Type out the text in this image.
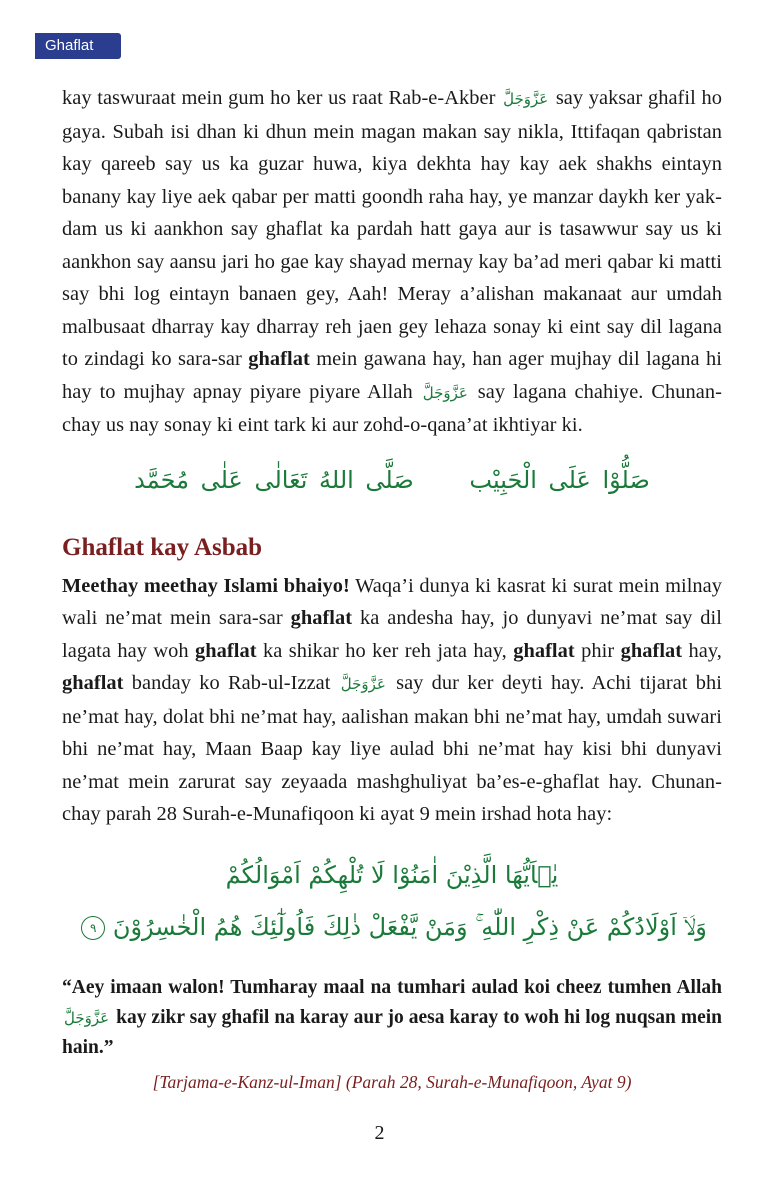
Ghaflat

kay taswuraat mein gum ho ker us raat Rab-e-Akber عَزَّوَجَلَّ say yaksar ghafil ho gaya. Subah isi dhan ki dhun mein magan makan say nikla, Ittifaqan qabristan kay qareeb say us ka guzar huwa, kiya dekhta hay kay aek shakhs eintayn banany kay liye aek qabar per matti goondh raha hay, ye manzar daykh ker yak-dam us ki aankhon say ghaflat ka pardah hatt gaya aur is tasawwur say us ki aankhon say aansu jari ho gae kay shayad mernay kay ba’ad meri qabar ki matti say bhi log eintayn banaen gey, Aah! Meray a’alishan makanaat aur umdah malbusaat dharray kay dharray reh jaen gey lehaza sonay ki eint say dil lagana to zindagi ko sara-sar ghaflat mein gawana hay, han ager mujhay dil lagana hi hay to mujhay apnay piyare piyare Allah عَزَّوَجَلَّ say lagana chahiye. Chunan-chay us nay sonay ki eint tark ki aur zohd-o-qana’at ikhtiyar ki.

صَلُّوْا عَلَى الْحَبِیْب صَلَّى اللهُ تَعَالٰى عَلٰى مُحَمَّد
Ghaflat kay Asbab

Meethay meethay Islami bhaiyo! Waqa’i dunya ki kasrat ki surat mein milnay wali ne’mat mein sara-sar ghaflat ka andesha hay, jo dunyavi ne’mat say dil lagata hay woh ghaflat ka shikar ho ker reh jata hay, ghaflat phir ghaflat hay, ghaflat banday ko Rab-ul-Izzat عَزَّوَجَلَّ say dur ker deyti hay. Achi tijarat bhi ne’mat hay, dolat bhi ne’mat hay, aalishan makan bhi ne’mat hay, umdah suwari bhi ne’mat hay, Maan Baap kay liye aulad bhi ne’mat hay kisi bhi dunyavi ne’mat mein zarurat say zeyaada mashghuliyat ba’es-e-ghaflat hay. Chunan-chay parah 28 Surah-e-Munafiqoon ki ayat 9 mein irshad hota hay:

يٰۤاَيُّهَا الَّذِيْنَ اٰمَنُوْا لَا تُلْهِكُمْ اَمْوَالُكُمْ
وَلَاۤ اَوْلَادُكُمْ عَنْ ذِكْرِ اللّٰهِ ۚ وَمَنْ يَّفْعَلْ ذٰلِكَ فَاُولٰٓئِكَ هُمُ الْخٰسِرُوْنَ ٩

“Aey imaan walon! Tumharay maal na tumhari aulad koi cheez tumhen Allah عَزَّوَجَلَّ kay zikr say ghafil na karay aur jo aesa karay to woh hi log nuqsan mein hain.”

[Tarjama-e-Kanz-ul-Iman] (Parah 28, Surah-e-Munafiqoon, Ayat 9)
2
